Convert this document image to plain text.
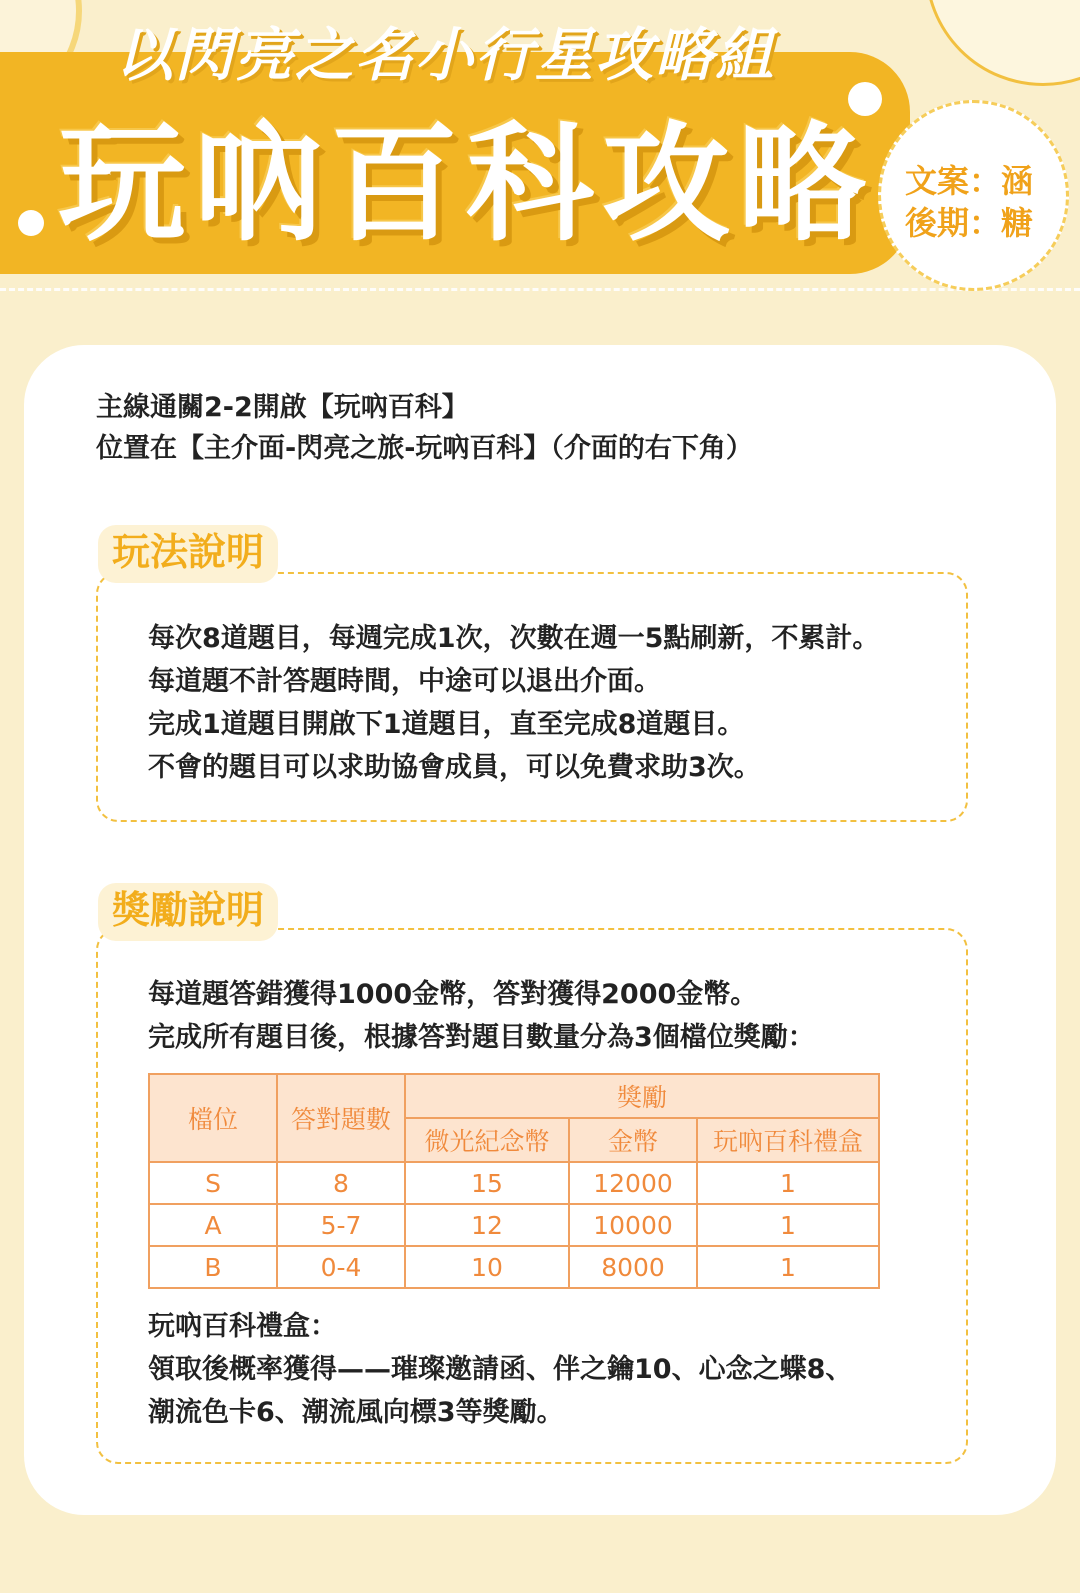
以閃亮之名小行星攻略組
玩吶百科攻略 文案：涵
後期：糖
主線通關2-2開啟【玩吶百科】
位置在【主介面-閃亮之旅-玩吶百科】（介面的右下角）
玩法說明
每次8道題目，每週完成1次，次數在週一5點刷新，不累計。
每道題不計答題時間，中途可以退出介面。
完成1道題目開啟下1道題目，直至完成8道題目。
不會的題目可以求助協會成員，可以免費求助3次。
獎勵說明
每道題答錯獲得1000金幣，答對獲得2000金幣。
完成所有題目後，根據答對題目數量分為3個檔位獎勵：
檔位	答對題數	獎勵		
		微光紀念幣	金幣	玩吶百科禮盒
S	8	15	12000	1
A	5-7	12	10000	1
B	0-4	10	8000	1
玩吶百科禮盒：
領取後概率獲得——璀璨邀請函、伴之鑰10、心念之蝶8、
潮流色卡6、潮流風向標3等獎勵。
